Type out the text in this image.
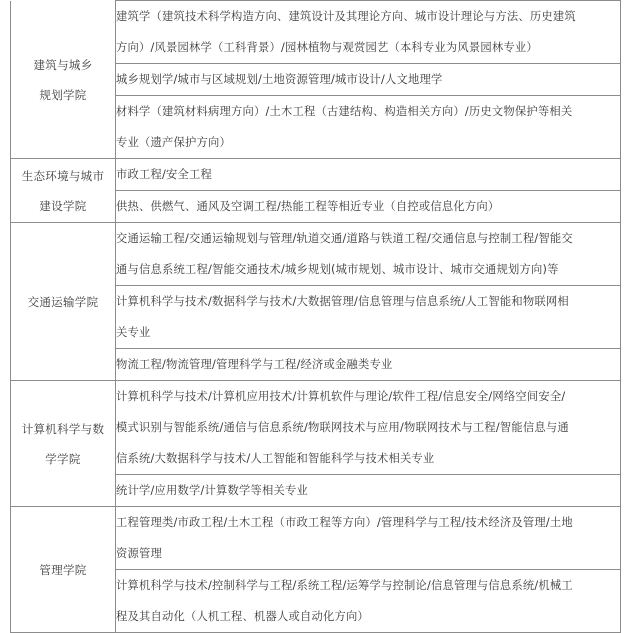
建筑与城乡
规划学院	建筑学（建筑技术科学构造方向、建筑设计及其理论方向、城市设计理论与方法、历史建筑
方向）/风景园林学（工科背景）/园林植物与观赏园艺（本科专业为风景园林专业）

	城乡规划学/城市与区域规划/土地资源管理/城市设计/人文地理学

	材料学（建筑材料病理方向）/土木工程（古建结构、构造相关方向）/历史文物保护等相关
专业（遗产保护方向）

生态环境与城市
建设学院	市政工程/安全工程

	供热、供燃气、通风及空调工程/热能工程等相近专业（自控或信息化方向）

交通运输学院	交通运输工程/交通运输规划与管理/轨道交通/道路与铁道工程/交通信息与控制工程/智能交
通与信息系统工程/智能交通技术/城乡规划(城市规划、城市设计、城市交通规划方向)等

	计算机科学与技术/数据科学与技术/大数据管理/信息管理与信息系统/人工智能和物联网相
关专业

	物流工程/物流管理/管理科学与工程/经济或金融类专业

计算机科学与数
学学院	计算机科学与技术/计算机应用技术/计算机软件与理论/软件工程/信息安全/网络空间安全/
模式识别与智能系统/通信与信息系统/物联网技术与应用/物联网技术与工程/智能信息与通
信系统/大数据科学与技术/人工智能和智能科学与技术相关专业

	统计学/应用数学/计算数学等相关专业

管理学院	工程管理类/市政工程/土木工程（市政工程等方向）/管理科学与工程/技术经济及管理/土地
资源管理

	计算机科学与技术/控制科学与工程/系统工程/运筹学与控制论/信息管理与信息系统/机械工
程及其自动化（人机工程、机器人或自动化方向）
